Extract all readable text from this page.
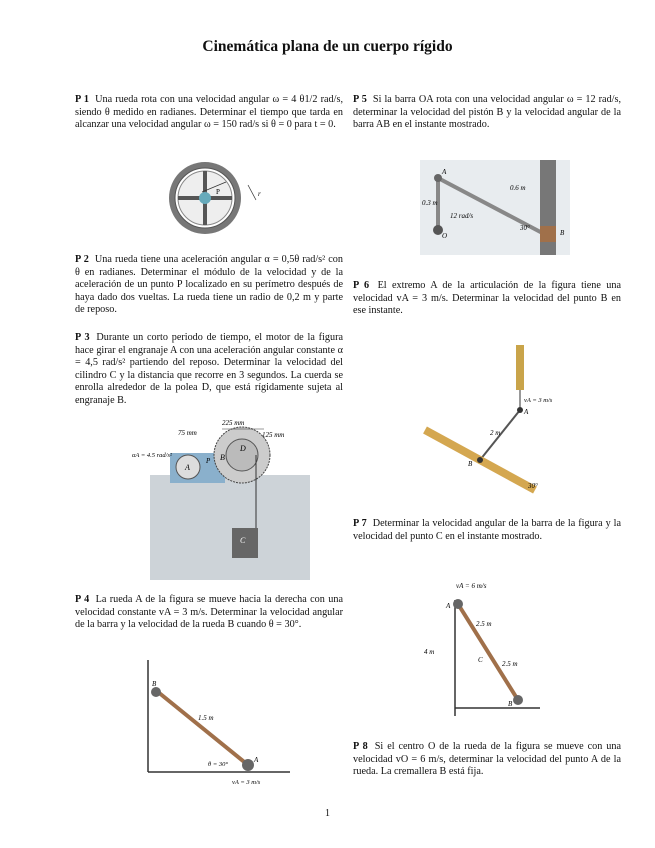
Cinemática plana de un cuerpo rígido
P 1 Una rueda rota con una velocidad angular ω = 4 θ1/2 rad/s, siendo θ medido en radianes. Determinar el tiempo que tarda en alcanzar una velocidad angular ω = 150 rad/s si θ = 0 para t = 0.
P	r
P 2 Una rueda tiene una aceleración angular α = 0,5θ rad/s² con θ en radianes. Determinar el módulo de la velocidad y de la aceleración de un punto P localizado en su perímetro después de haya dado dos vueltas. La rueda tiene un radio de 0,2 m y parte de reposo.
P 3 Durante un corto periodo de tiempo, el motor de la figura hace girar el engranaje A con una aceleración angular constante α = 4,5 rad/s² partiendo del reposo. Determinar la velocidad del cilindro C y la distancia que recorre en 3 segundos. La cuerda se enrolla alrededor de la polea D, que está rígidamente sujeta al engranaje B.
225 mm
75 mm	125 mm
αA = 4.5 rad/s²
A
B
C
D
P
P 4 La rueda A de la figura se mueve hacia la derecha con una velocidad constante vA = 3 m/s. Determinar la velocidad angular de la barra y la velocidad de la rueda B cuando θ = 30°.
B
A
1.5 m
θ = 30°
vA = 3 m/s
P 5 Si la barra OA rota con una velocidad angular ω = 12 rad/s, determinar la velocidad del pistón B y la velocidad angular de la barra AB en el instante mostrado.
A
O	B
0.6 m
0.3 m
12 rad/s
30°
P 6 El extremo A de la articulación de la figura tiene una velocidad vA = 3 m/s. Determinar la velocidad del punto B en ese instante.
A
B
2 m
vA = 3 m/s
30°
P 7 Determinar la velocidad angular de la barra de la figura y la velocidad del punto C en el instante mostrado.
vA = 6 m/s
A
B
C
2.5 m
2.5 m
4 m
P 8 Si el centro O de la rueda de la figura se mueve con una velocidad vO = 6 m/s, determinar la velocidad del punto A de la rueda. La cremallera B está fija.
1
